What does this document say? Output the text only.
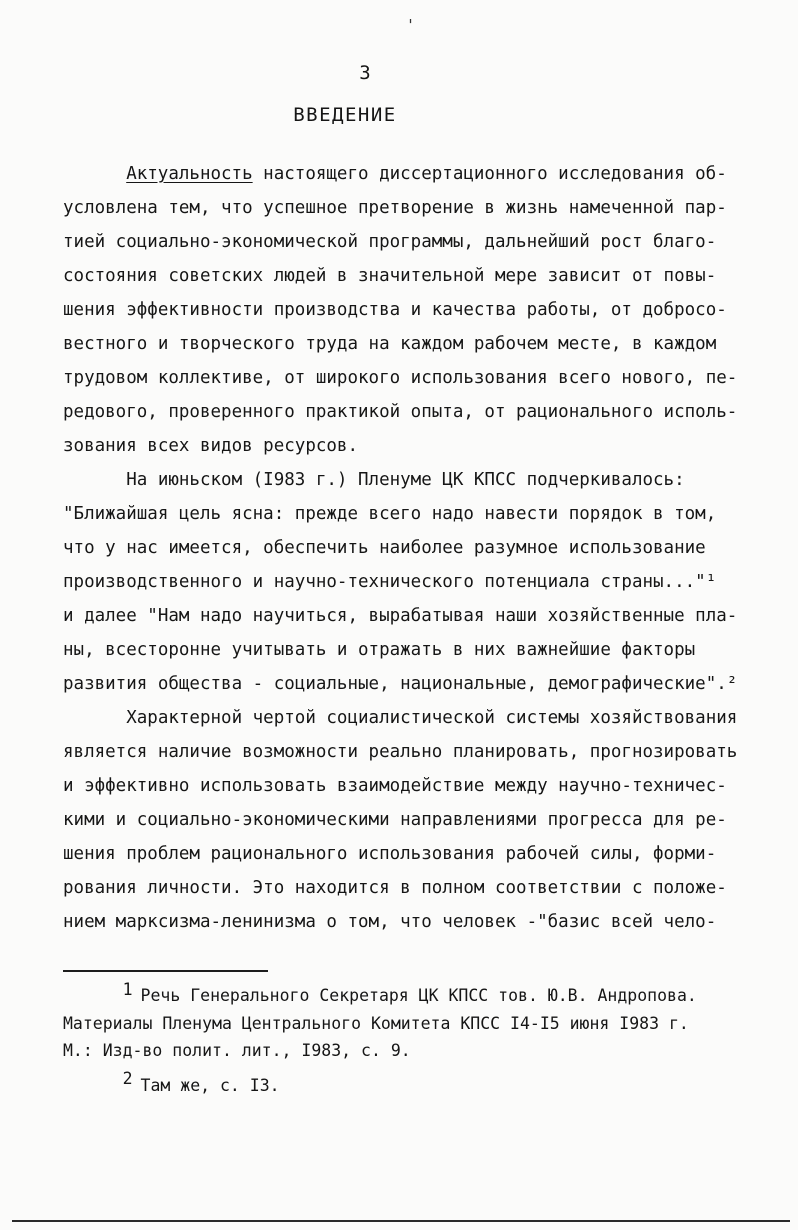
'
3
ВВЕДЕНИЕ
Актуальность настоящего диссертационного исследования об-
условлена тем, что успешное претворение в жизнь намеченной пар-
тией социально-экономической программы, дальнейший рост благо-
состояния советских людей в значительной мере зависит от повы-
шения эффективности производства и качества работы, от добросо-
вестного и творческого труда на каждом рабочем месте, в каждом
трудовом коллективе, от широкого использования всего нового, пе-
редового, проверенного практикой опыта, от рационального исполь-
зования всех видов ресурсов.
На июньском (I983 г.) Пленуме ЦК КПСС подчеркивалось:
"Ближайшая цель ясна: прежде всего надо навести порядок в том,
что у нас имеется, обеспечить наиболее разумное использование
производственного и научно-технического потенциала страны..."¹
и далее "Нам надо научиться, вырабатывая наши хозяйственные пла-
ны, всесторонне учитывать и отражать в них важнейшие факторы
развития общества - социальные, национальные, демографические".²
Характерной чертой социалистической системы хозяйствования
является наличие возможности реально планировать, прогнозировать
и эффективно использовать взаимодействие между научно-техничес-
кими и социально-экономическими направлениями прогресса для ре-
шения проблем рационального использования рабочей силы, форми-
рования личности. Это находится в полном соответствии с положе-
нием марксизма-ленинизма о том, что человек -"базис всей чело-
1 Речь Генерального Секретаря ЦК КПСС тов. Ю.В. Андропова.
Материалы Пленума Центрального Комитета КПСС I4-I5 июня I983 г.
М.: Изд-во полит. лит., I983, с. 9.
2 Там же, с. I3.
